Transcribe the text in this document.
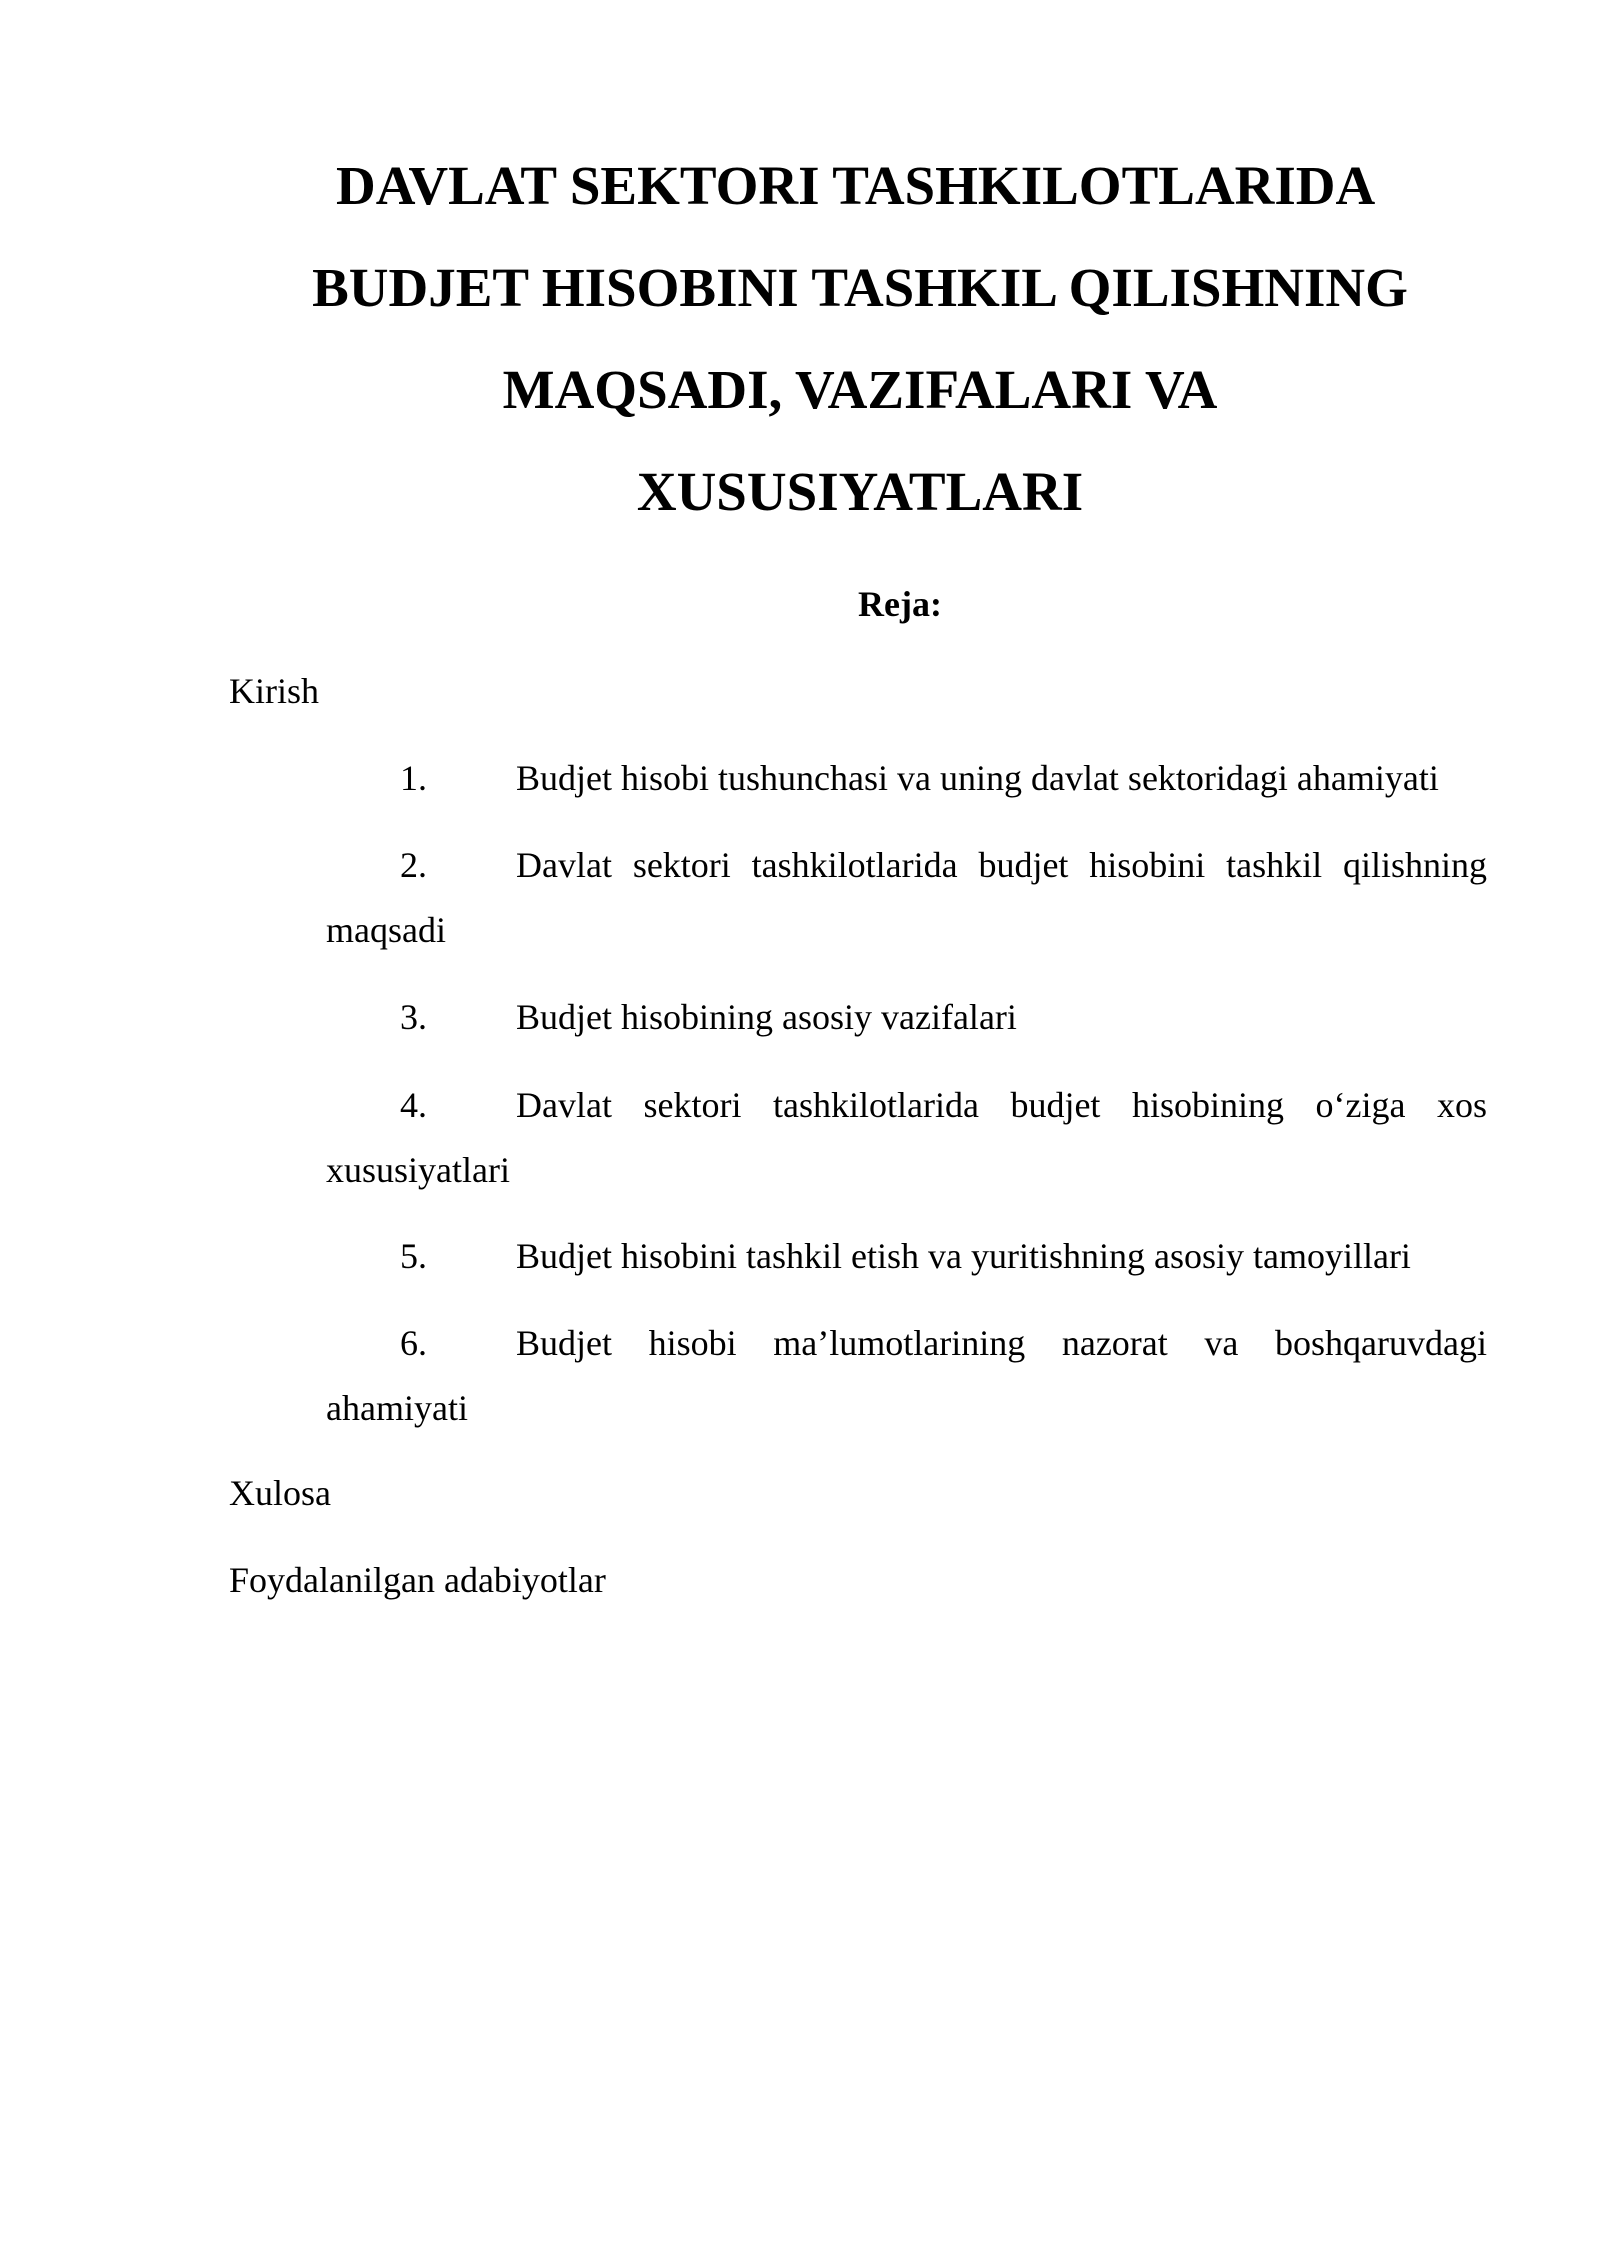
DAVLAT SEKTORI TASHKILOTLARIDA
BUDJET HISOBINI TASHKIL QILISHNING
MAQSADI, VAZIFALARI VA
XUSUSIYATLARI

Reja:

Kirish

1. Budjet hisobi tushunchasi va uning davlat sektoridagi ahamiyati
2. Davlat sektori tashkilotlarida budjet hisobini tashkil qilishning
maqsadi
3. Budjet hisobining asosiy vazifalari
4. Davlat sektori tashkilotlarida budjet hisobining o‘ziga xos
xususiyatlari
5. Budjet hisobini tashkil etish va yuritishning asosiy tamoyillari
6. Budjet hisobi ma’lumotlarining nazorat va boshqaruvdagi
ahamiyati

Xulosa

Foydalanilgan adabiyotlar
